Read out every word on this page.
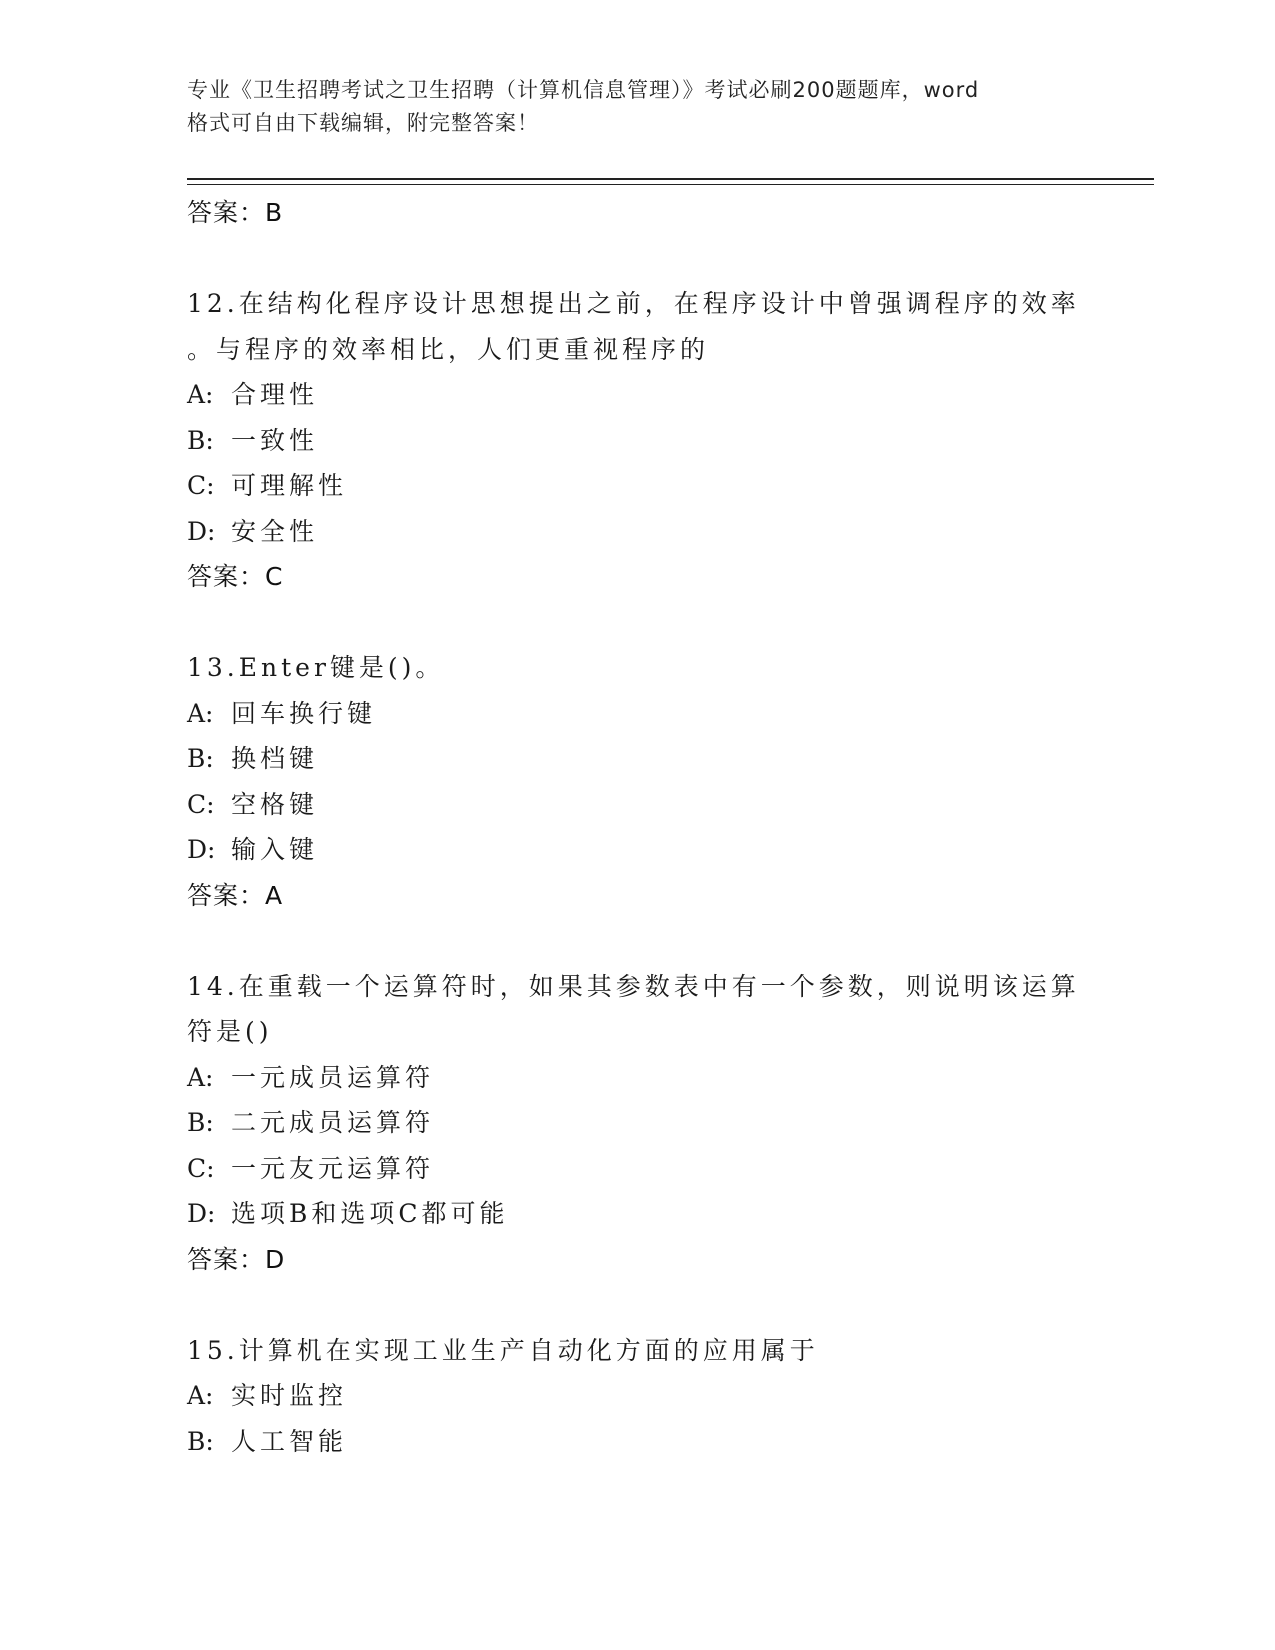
专业《卫生招聘考试之卫生招聘（计算机信息管理）》考试必刷200题题库，word
格式可自由下载编辑，附完整答案！
答案：B
12.在结构化程序设计思想提出之前，在程序设计中曾强调程序的效率
。与程序的效率相比，人们更重视程序的
A: 合理性
B: 一致性
C: 可理解性
D: 安全性
答案：C
13.Enter键是()。
A: 回车换行键
B: 换档键
C: 空格键
D: 输入键
答案：A
14.在重载一个运算符时，如果其参数表中有一个参数，则说明该运算
符是()
A: 一元成员运算符
B: 二元成员运算符
C: 一元友元运算符
D: 选项B和选项C都可能
答案：D
15.计算机在实现工业生产自动化方面的应用属于
A: 实时监控
B: 人工智能
